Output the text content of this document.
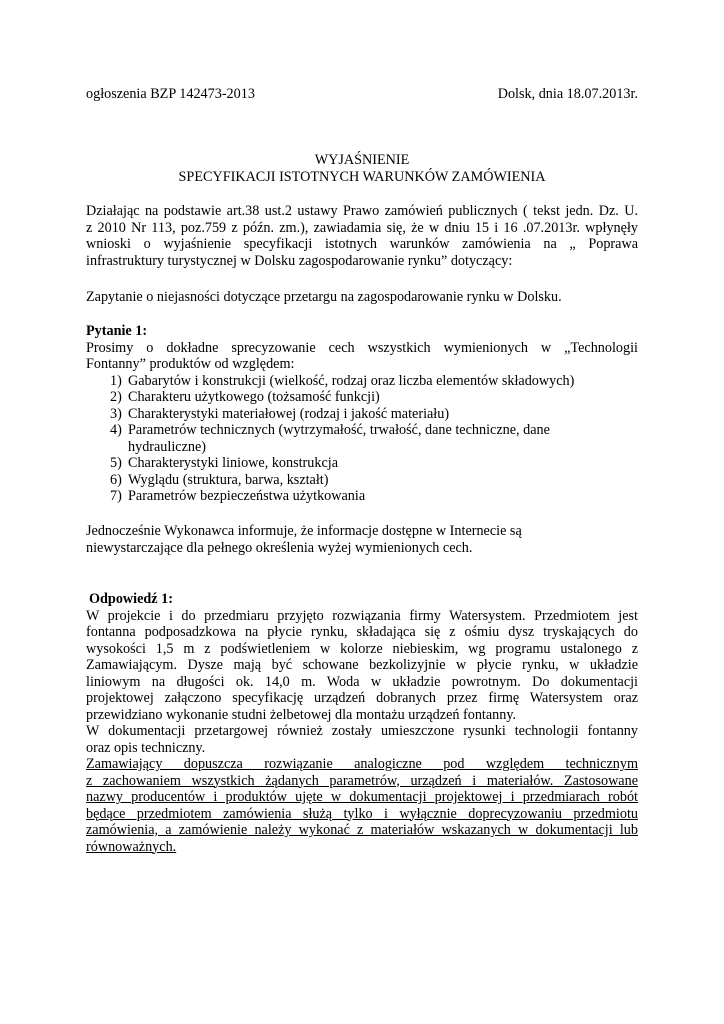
ogłoszenia BZP 142473-2013	Dolsk, dnia 18.07.2013r.
WYJAŚNIENIE
SPECYFIKACJI ISTOTNYCH WARUNKÓW ZAMÓWIENIA
Działając na podstawie art.38 ust.2 ustawy Prawo zamówień publicznych ( tekst jedn. Dz. U.
z 2010 Nr 113, poz.759 z późn. zm.), zawiadamia się, że w dniu 15 i 16 .07.2013r. wpłynęły
wnioski o wyjaśnienie specyfikacji istotnych warunków zamówienia na „ Poprawa
infrastruktury turystycznej w Dolsku zagospodarowanie rynku” dotyczący:
Zapytanie o niejasności dotyczące przetargu na zagospodarowanie rynku w Dolsku.
Pytanie 1:
Prosimy o dokładne sprecyzowanie cech wszystkich wymienionych w „Technologii
Fontanny” produktów od względem:
1) Gabarytów i konstrukcji (wielkość, rodzaj oraz liczba elementów składowych)
2) Charakteru użytkowego (tożsamość funkcji)
3) Charakterystyki materiałowej (rodzaj i jakość materiału)
4) Parametrów technicznych (wytrzymałość, trwałość, dane techniczne, dane
hydrauliczne)
5) Charakterystyki liniowe, konstrukcja
6) Wyglądu (struktura, barwa, kształt)
7) Parametrów bezpieczeństwa użytkowania
Jednocześnie Wykonawca informuje, że informacje dostępne w Internecie są
niewystarczające dla pełnego określenia wyżej wymienionych cech.
Odpowiedź 1:
W projekcie i do przedmiaru przyjęto rozwiązania firmy Watersystem. Przedmiotem jest
fontanna podposadzkowa na płycie rynku, składająca się z ośmiu dysz tryskających do
wysokości 1,5 m z podświetleniem w kolorze niebieskim, wg programu ustalonego z
Zamawiającym. Dysze mają być schowane bezkolizyjnie w płycie rynku, w układzie
liniowym na długości ok. 14,0 m. Woda w układzie powrotnym. Do dokumentacji
projektowej załączono specyfikację urządzeń dobranych przez firmę Watersystem oraz
przewidziano wykonanie studni żelbetowej dla montażu urządzeń fontanny.
W dokumentacji przetargowej również zostały umieszczone rysunki technologii fontanny
oraz opis techniczny.
Zamawiający dopuszcza rozwiązanie analogiczne pod względem technicznym
z zachowaniem wszystkich żądanych parametrów, urządzeń i materiałów. Zastosowane
nazwy producentów i produktów ujęte w dokumentacji projektowej i przedmiarach robót
będące przedmiotem zamówienia służą tylko i wyłącznie doprecyzowaniu przedmiotu
zamówienia, a zamówienie należy wykonać z materiałów wskazanych w dokumentacji lub
równoważnych.
